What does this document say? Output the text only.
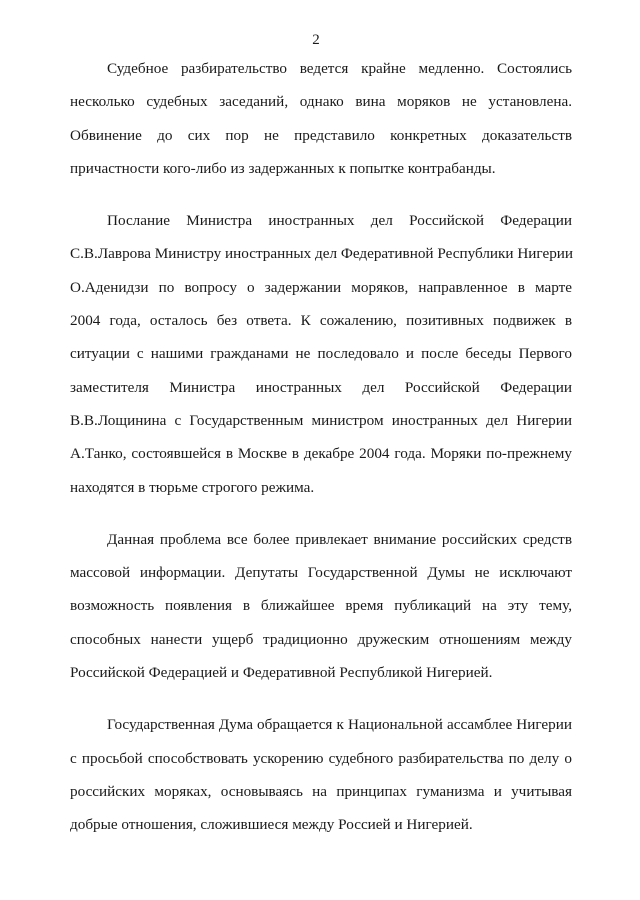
2
Судебное разбирательство ведется крайне медленно. Состоялись
несколько судебных заседаний, однако вина моряков не установлена.
Обвинение до сих пор не представило конкретных доказательств
причастности кого-либо из задержанных к попытке контрабанды.
Послание Министра иностранных дел Российской Федерации
С.В.Лаврова Министру иностранных дел Федеративной Республики Нигерии
О.Аденидзи по вопросу о задержании моряков, направленное в марте
2004 года, осталось без ответа. К сожалению, позитивных подвижек в
ситуации с нашими гражданами не последовало и после беседы Первого
заместителя Министра иностранных дел Российской Федерации
В.В.Лощинина с Государственным министром иностранных дел Нигерии
А.Танко, состоявшейся в Москве в декабре 2004 года. Моряки по-прежнему
находятся в тюрьме строгого режима.
Данная проблема все более привлекает внимание российских средств
массовой информации. Депутаты Государственной Думы не исключают
возможность появления в ближайшее время публикаций на эту тему,
способных нанести ущерб традиционно дружеским отношениям между
Российской Федерацией и Федеративной Республикой Нигерией.
Государственная Дума обращается к Национальной ассамблее Нигерии
с просьбой способствовать ускорению судебного разбирательства по делу о
российских моряках, основываясь на принципах гуманизма и учитывая
добрые отношения, сложившиеся между Россией и Нигерией.
